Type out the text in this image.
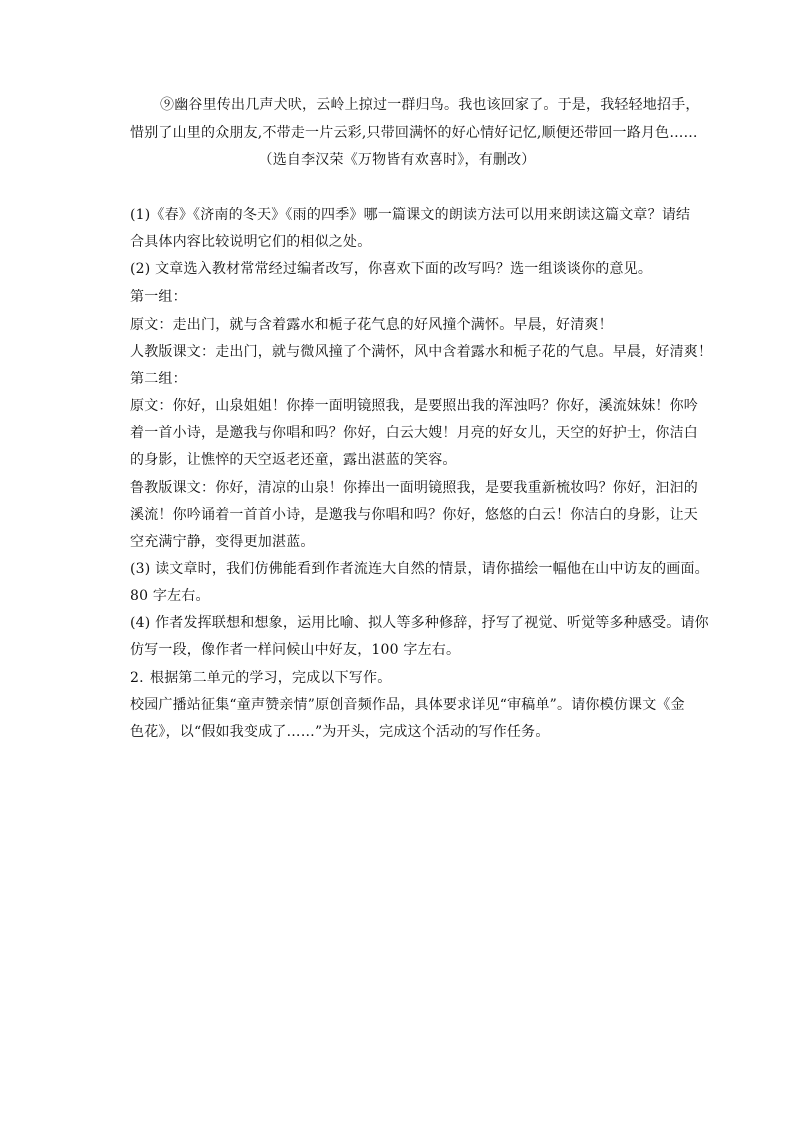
⑨幽谷里传出几声犬吠，云岭上掠过一群归鸟。我也该回家了。于是，我轻轻地招手，
惜别了山里的众朋友,不带走一片云彩,只带回满怀的好心情好记忆,顺便还带回一路月色……
（选自李汉荣《万物皆有欢喜时》，有删改）
(1)《春》《济南的冬天》《雨的四季》哪一篇课文的朗读方法可以用来朗读这篇文章？请结
合具体内容比较说明它们的相似之处。
(2) 文章选入教材常常经过编者改写，你喜欢下面的改写吗？选一组谈谈你的意见。
第一组：
原文：走出门，就与含着露水和栀子花气息的好风撞个满怀。早晨，好清爽！
人教版课文：走出门，就与微风撞了个满怀，风中含着露水和栀子花的气息。早晨，好清爽！
第二组：
原文：你好，山泉姐姐！你捧一面明镜照我，是要照出我的浑浊吗？你好，溪流妹妹！你吟
着一首小诗，是邀我与你唱和吗？你好，白云大嫂！月亮的好女儿，天空的好护士，你洁白
的身影，让憔悴的天空返老还童，露出湛蓝的笑容。
鲁教版课文：你好，清凉的山泉！你捧出一面明镜照我，是要我重新梳妆吗？你好，汩汩的
溪流！你吟诵着一首首小诗，是邀我与你唱和吗？你好，悠悠的白云！你洁白的身影，让天
空充满宁静，变得更加湛蓝。
(3) 读文章时，我们仿佛能看到作者流连大自然的情景，请你描绘一幅他在山中访友的画面。
80 字左右。
(4) 作者发挥联想和想象，运用比喻、拟人等多种修辞，抒写了视觉、听觉等多种感受。请你
仿写一段，像作者一样问候山中好友，100 字左右。
2. 根据第二单元的学习，完成以下写作。
校园广播站征集“童声赞亲情”原创音频作品，具体要求详见“审稿单”。请你模仿课文《金
色花》，以“假如我变成了……”为开头，完成这个活动的写作任务。
